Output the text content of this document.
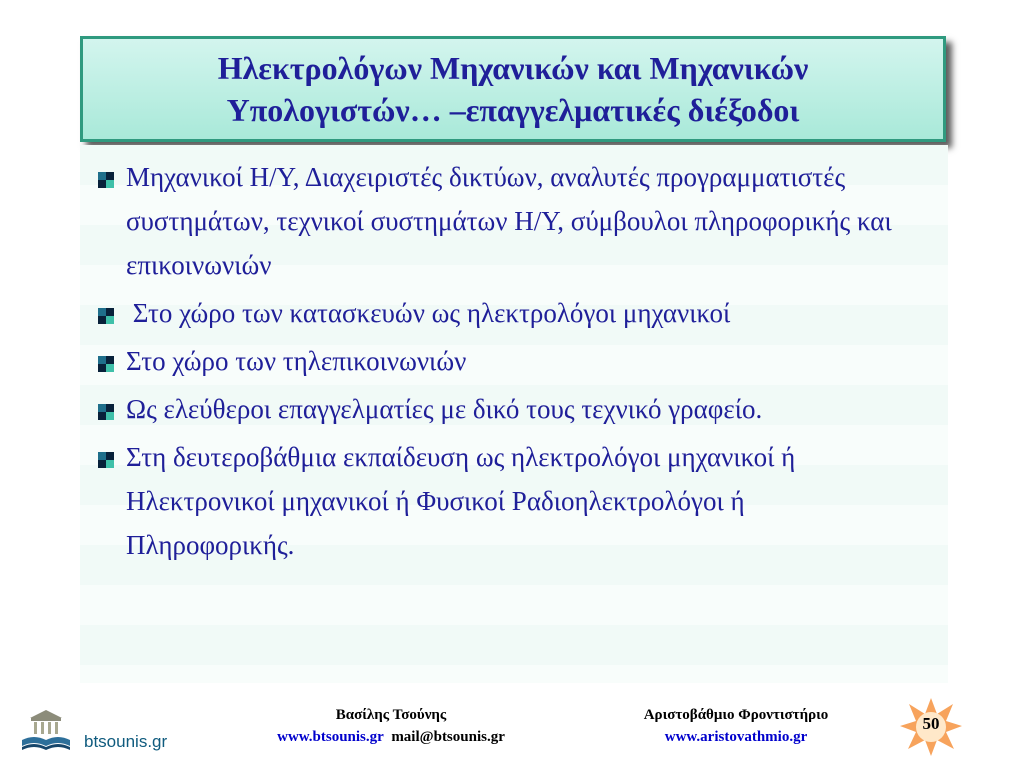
Ηλεκτρολόγων Μηχανικών και Μηχανικών
Υπολογιστών… –επαγγελματικές διέξοδοι
Μηχανικοί Η/Υ, Διαχειριστές δικτύων, αναλυτές προγραμματιστές συστημάτων, τεχνικοί συστημάτων Η/Υ, σύμβουλοι πληροφορικής και επικοινωνιών
Στο χώρο των κατασκευών ως ηλεκτρολόγοι μηχανικοί
Στο χώρο των τηλεπικοινωνιών
Ως ελεύθεροι επαγγελματίες με δικό τους τεχνικό γραφείο.
Στη δευτεροβάθμια εκπαίδευση ως ηλεκτρολόγοι μηχανικοί ή Ηλεκτρονικοί μηχανικοί ή Φυσικοί Ραδιοηλεκτρολόγοι ή Πληροφορικής.
btsounis.gr
Βασίλης Τσούνης
www.btsounis.gr mail@btsounis.gr
Αριστοβάθμιο Φροντιστήριο
www.aristovathmio.gr
50
